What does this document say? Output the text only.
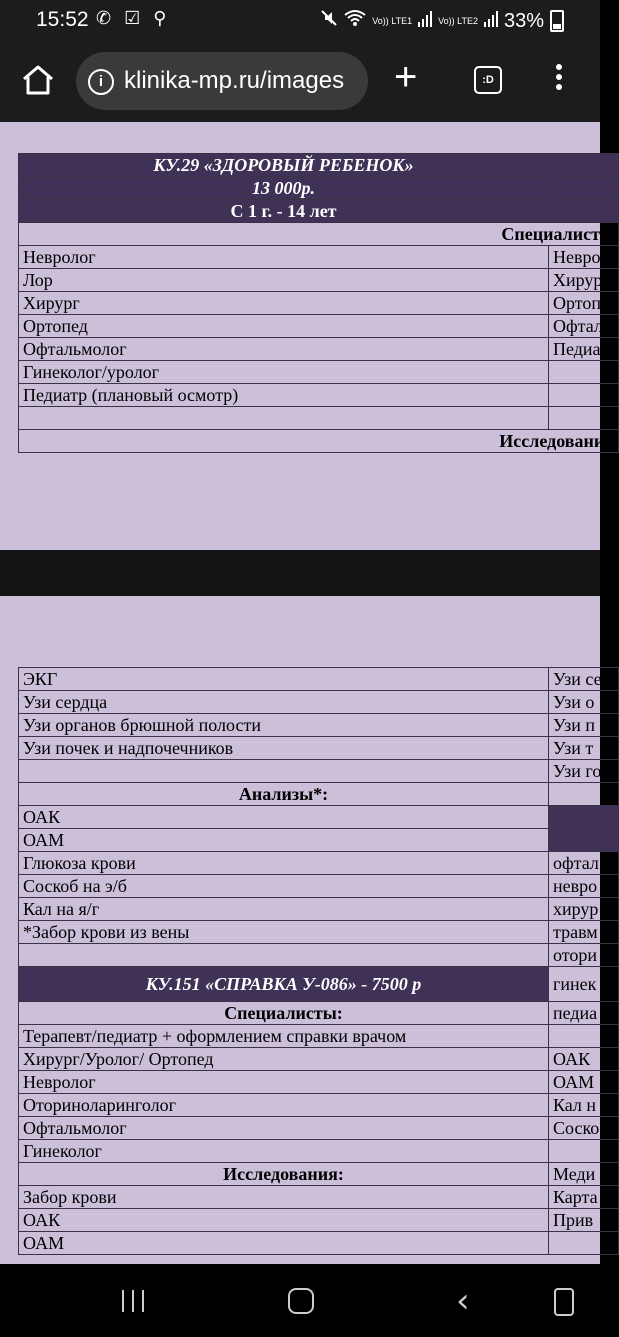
15:52 ✆ ☑ ⚲	Vo)) LTE1	Vo)) LTE2 33%
i klinika-mp.ru/images	+	:D
КУ.29 «ЗДОРОВЫЙ РЕБЕНОК»	
13 000р.	
С 1 г. - 14 лет	
Специалисты	
Невролог	Невро
Лор	Хирур
Хирург	Ортоп
Ортопед	Офтал
Офтальмолог	Педиа
Гинеколог/уролог	
Педиатр (плановый осмотр)	

Исследования	
ЭКГ	Узи се
Узи сердца	Узи о
Узи органов брюшной полости	Узи п
Узи почек и надпочечников	Узи т
	Узи го
Анализы*:	
ОАК	
ОАМ	
Глюкоза крови	офтал
Соскоб на э/б	невро
Кал на я/г	хирур
*Забор крови из вены	травм
	отори
КУ.151 «СПРАВКА У-086» - 7500 р	гинек
Специалисты:	педиа
Терапевт/педиатр + оформлением справки врачом	
Хирург/Уролог/ Ортопед	ОАК
Невролог	ОАМ
Оториноларинголог	Кал н
Офтальмолог	Соско
Гинеколог	
Исследования:	Меди
Забор крови	Карта
ОАК	Прив
ОАМ	
‹
